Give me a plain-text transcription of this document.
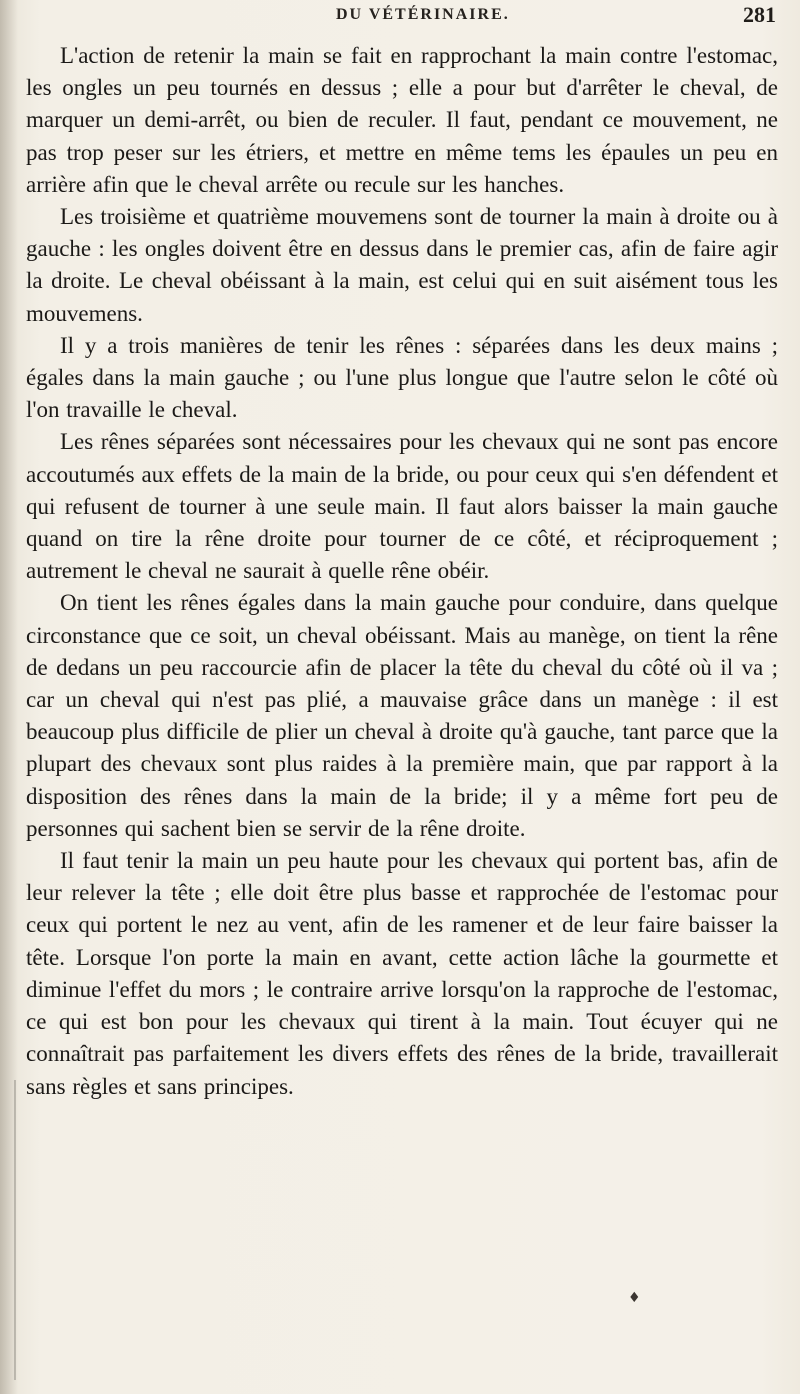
DU VÉTÉRINAIRE.	281

L'action de retenir la main se fait en rapprochant la main contre l'estomac, les ongles un peu tournés en dessus ; elle a pour but d'arrêter le cheval, de marquer un demi-arrêt, ou bien de reculer. Il faut, pendant ce mouvement, ne pas trop peser sur les étriers, et mettre en même tems les épaules un peu en arrière afin que le cheval arrête ou recule sur les hanches.

Les troisième et quatrième mouvemens sont de tourner la main à droite ou à gauche : les ongles doivent être en dessus dans le premier cas, afin de faire agir la droite. Le cheval obéissant à la main, est celui qui en suit aisément tous les mouvemens.

Il y a trois manières de tenir les rênes : séparées dans les deux mains ; égales dans la main gauche ; ou l'une plus longue que l'autre selon le côté où l'on travaille le cheval.

Les rênes séparées sont nécessaires pour les chevaux qui ne sont pas encore accoutumés aux effets de la main de la bride, ou pour ceux qui s'en défendent et qui refusent de tourner à une seule main. Il faut alors baisser la main gauche quand on tire la rêne droite pour tourner de ce côté, et réciproquement ; autrement le cheval ne saurait à quelle rêne obéir.

On tient les rênes égales dans la main gauche pour conduire, dans quelque circonstance que ce soit, un cheval obéissant. Mais au manège, on tient la rêne de dedans un peu raccourcie afin de placer la tête du cheval du côté où il va ; car un cheval qui n'est pas plié, a mauvaise grâce dans un manège : il est beaucoup plus difficile de plier un cheval à droite qu'à gauche, tant parce que la plupart des chevaux sont plus raides à la première main, que par rapport à la disposition des rênes dans la main de la bride; il y a même fort peu de personnes qui sachent bien se servir de la rêne droite.

Il faut tenir la main un peu haute pour les chevaux qui portent bas, afin de leur relever la tête ; elle doit être plus basse et rapprochée de l'estomac pour ceux qui portent le nez au vent, afin de les ramener et de leur faire baisser la tête. Lorsque l'on porte la main en avant, cette action lâche la gourmette et diminue l'effet du mors ; le contraire arrive lorsqu'on la rapproche de l'estomac, ce qui est bon pour les chevaux qui tirent à la main. Tout écuyer qui ne connaîtrait pas parfaitement les divers effets des rênes de la bride, travaillerait sans règles et sans principes.

♦
